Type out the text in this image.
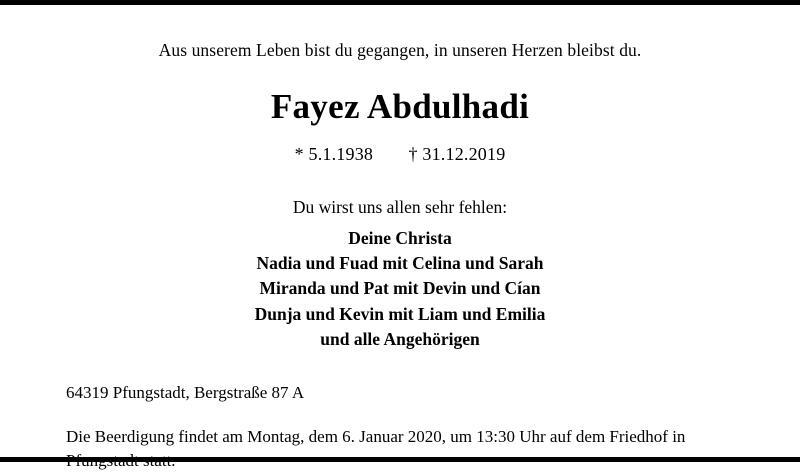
Aus unserem Leben bist du gegangen, in unseren Herzen bleibst du.
Fayez Abdulhadi
* 5.1.1938 † 31.12.2019
Du wirst uns allen sehr fehlen:
Deine Christa
Nadia und Fuad mit Celina und Sarah
Miranda und Pat mit Devin und Cían
Dunja und Kevin mit Liam und Emilia
und alle Angehörigen
64319 Pfungstadt, Bergstraße 87 A
Die Beerdigung findet am Montag, dem 6. Januar 2020, um 13:30 Uhr auf dem Friedhof in Pfungstadt statt.
